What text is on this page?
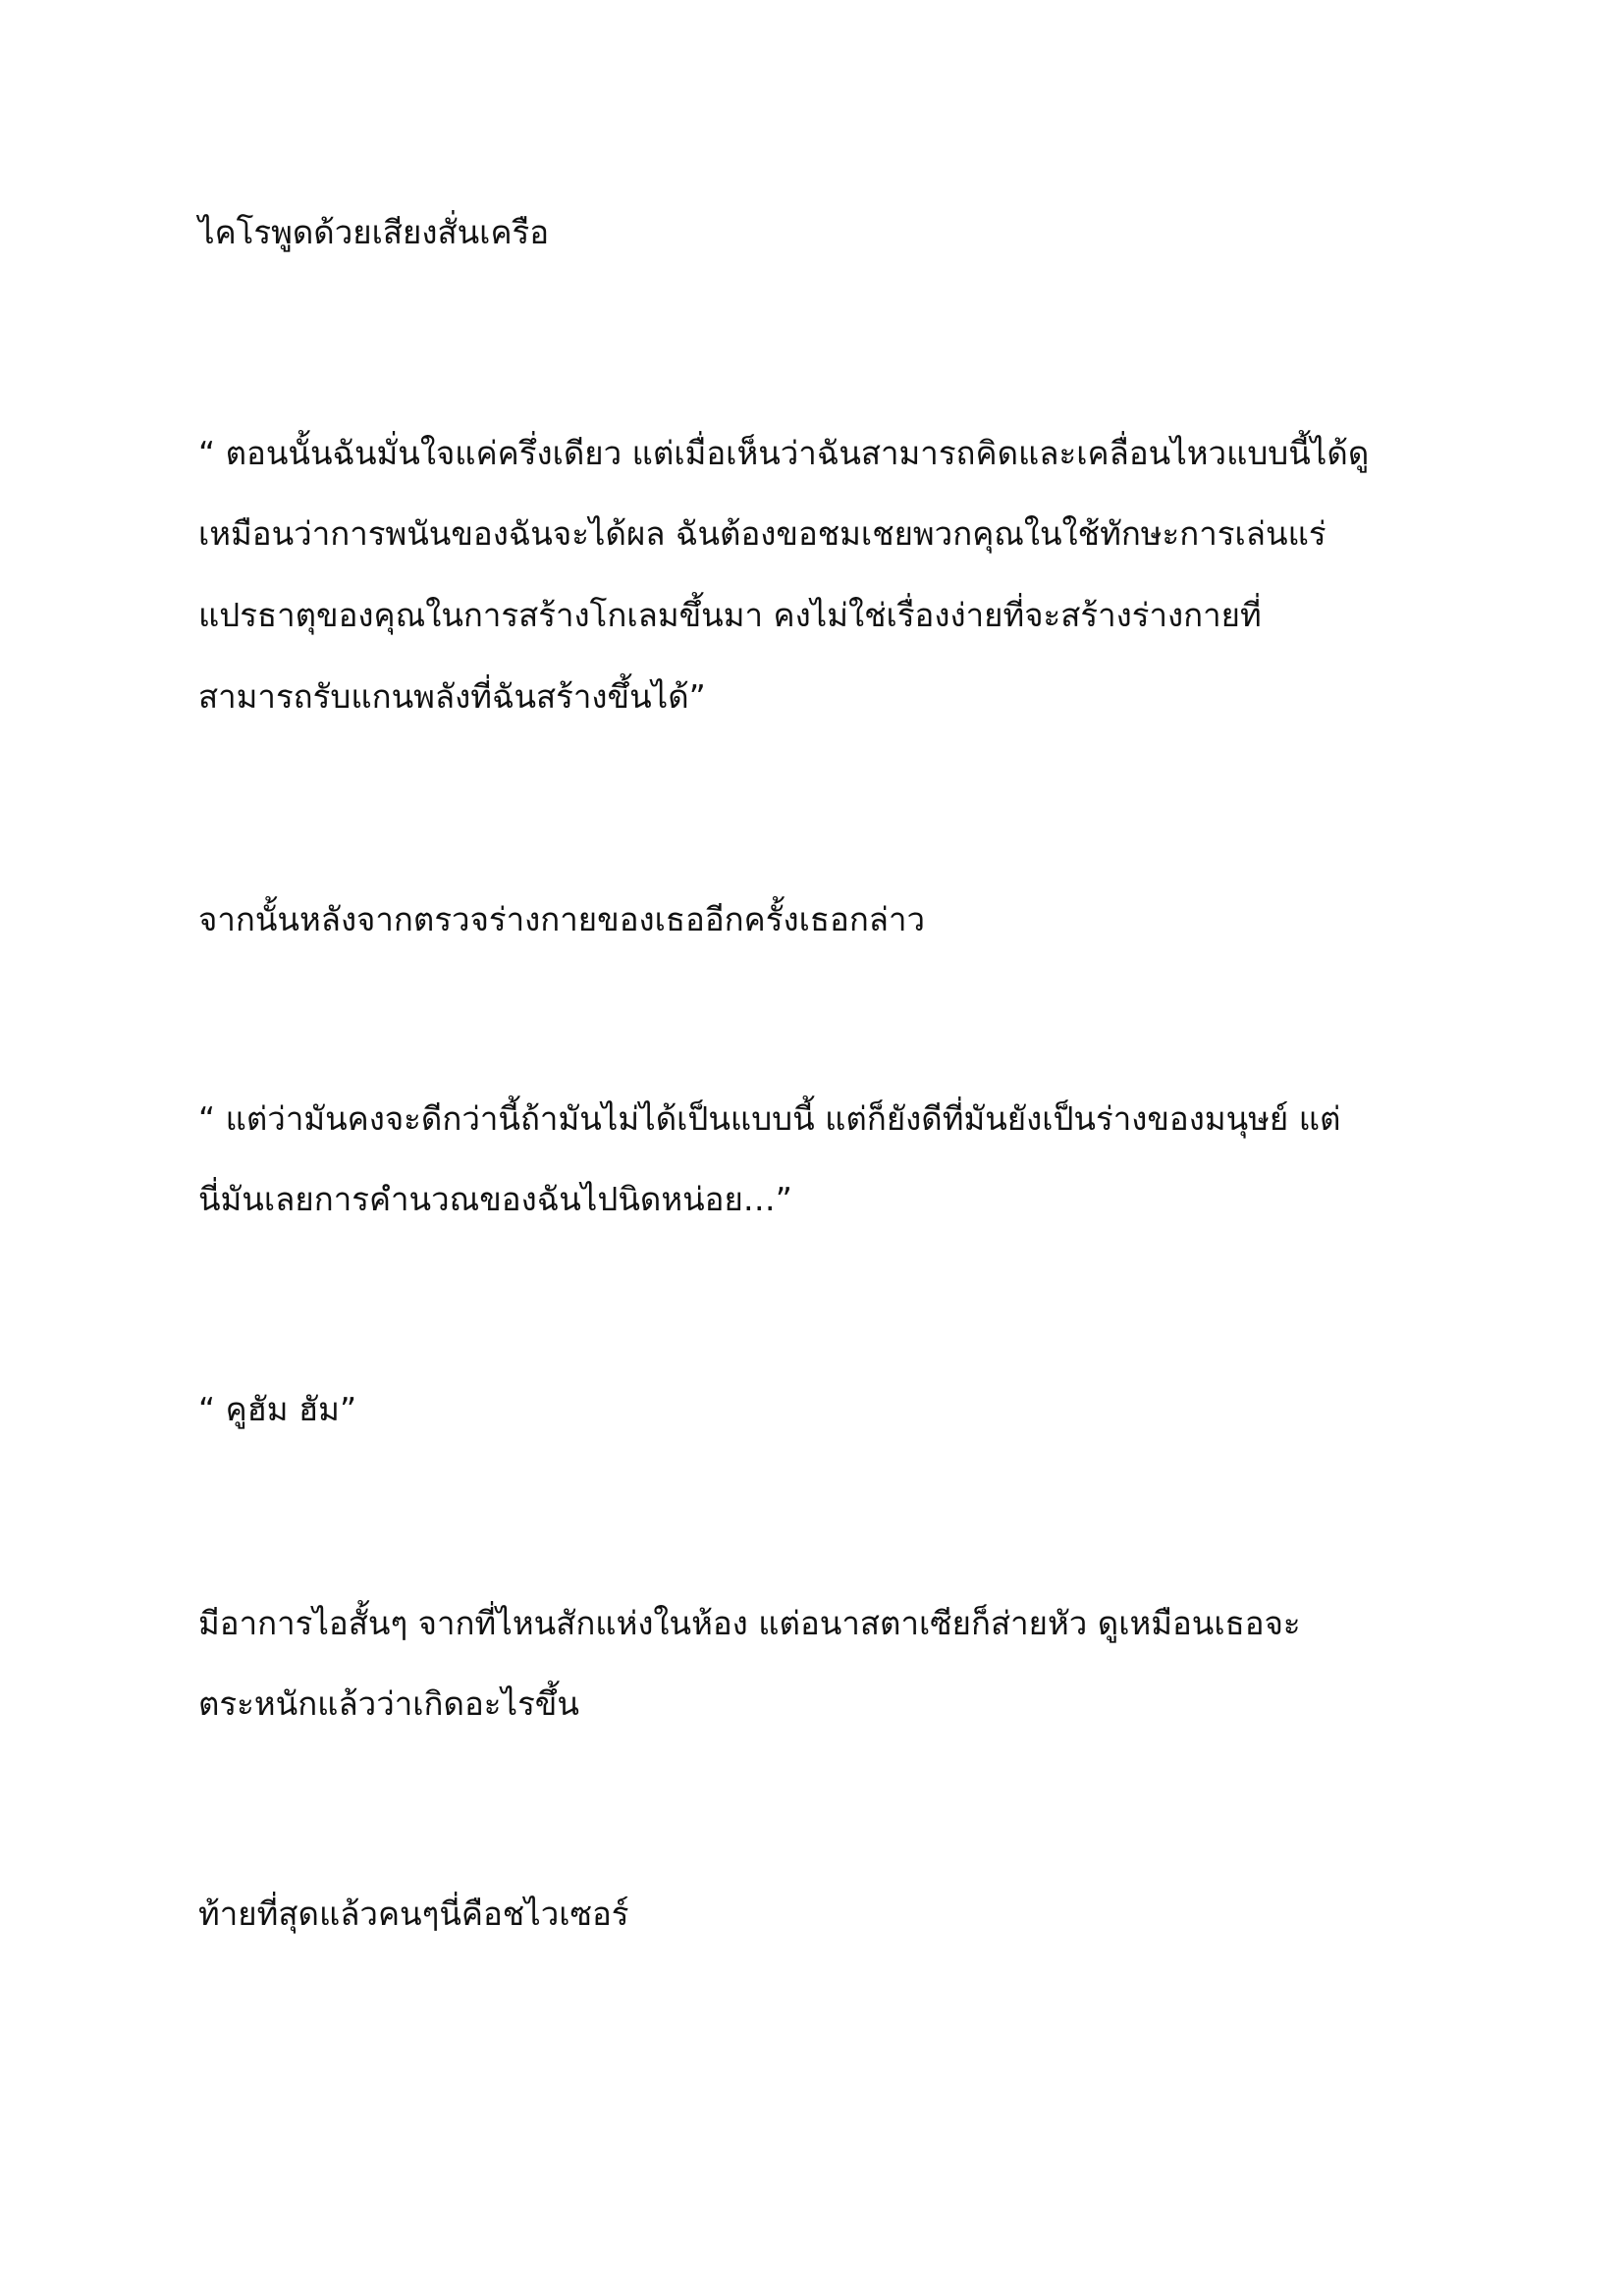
ไคโรพูดด้วยเสียงสั่นเครือ
“ ตอนนั้นฉันมั่นใจแค่ครึ่งเดียว แต่เมื่อเห็นว่าฉันสามารถคิดและเคลื่อนไหวแบบนี้ได้ดู
เหมือนว่าการพนันของฉันจะได้ผล ฉันต้องขอชมเชยพวกคุณในใช้ทักษะการเล่นแร่
แปรธาตุของคุณในการสร้างโกเลมขึ้นมา คงไม่ใช่เรื่องง่ายที่จะสร้างร่างกายที่
สามารถรับแกนพลังที่ฉันสร้างขึ้นได้”
จากนั้นหลังจากตรวจร่างกายของเธออีกครั้งเธอกล่าว
“ แต่ว่ามันคงจะดีกว่านี้ถ้ามันไม่ได้เป็นแบบนี้ แต่ก็ยังดีที่มันยังเป็นร่างของมนุษย์ แต่
นี่มันเลยการคำนวณของฉันไปนิดหน่อย…”
“ คูฮัม ฮัม”
มีอาการไอสั้นๆ จากที่ไหนสักแห่งในห้อง แต่อนาสตาเซียก็ส่ายหัว ดูเหมือนเธอจะ
ตระหนักแล้วว่าเกิดอะไรขึ้น
ท้ายที่สุดแล้วคนๆนี่คือชไวเซอร์
